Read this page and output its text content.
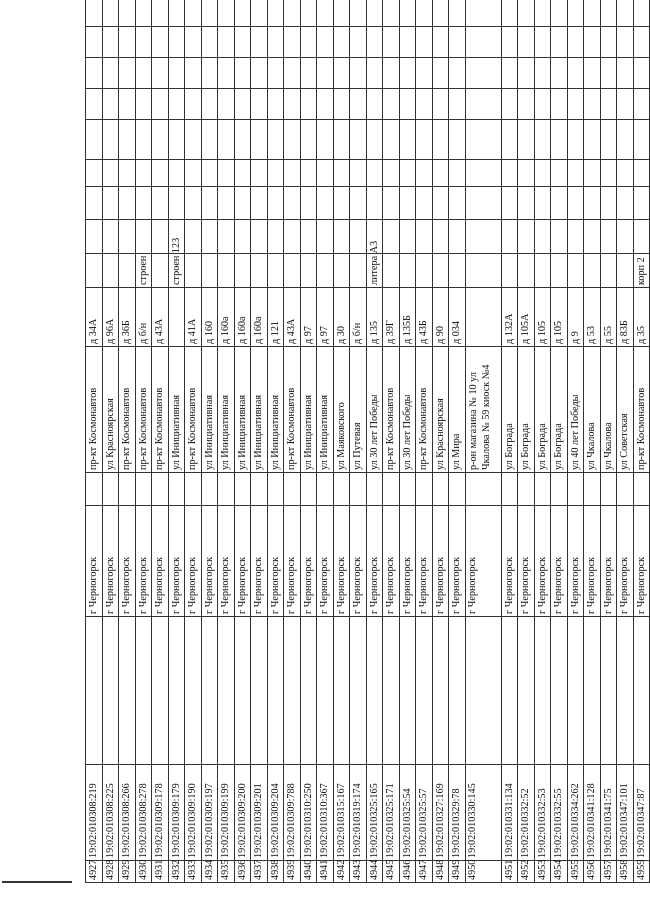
4927	19:02:010308:219		г Черногорск		пр-кт Космонавтов	д 34А									
4928	19:02:010308:225		г Черногорск		ул Красноярская	д 96А									
4929	19:02:010308:266		г Черногорск		пр-кт Космонавтов	д 36Б									
4930	19:02:010308:278		г Черногорск		пр-кт Космонавтов	д б/н	строен								
4931	19:02:010309:178		г Черногорск		пр-кт Космонавтов	д 43А									
4932	19:02:010309:179		г Черногорск		ул Инициативная		строен 123								
4933	19:02:010309:190		г Черногорск		пр-кт Космонавтов	д 41А									
4934	19:02:010309:197		г Черногорск		ул Инициативная	д 160									
4935	19:02:010309:199		г Черногорск		ул Инициативная	д 160а									
4936	19:02:010309:200		г Черногорск		ул Инициативная	д 160а									
4937	19:02:010309:201		г Черногорск		ул Инициативная	д 160а									
4938	19:02:010309:204		г Черногорск		ул Инициативная	д 121									
4939	19:02:010309:788		г Черногорск		пр-кт Космонавтов	д 43А									
4940	19:02:010310:250		г Черногорск		ул Инициативная	д 97									
4941	19:02:010310:367		г Черногорск		ул Инициативная	д 97									
4942	19:02:010315:167		г Черногорск		ул Маяковского	д 30									
4943	19:02:010319:174		г Черногорск		ул Путевая	д б/н									
4944	19:02:010325:165		г Черногорск		ул 30 лет Победы	д 135	литера А3								
4945	19:02:010325:171		г Черногорск		пр-кт Космонавтов	д 39Г									
4946	19:02:010325:54		г Черногорск		ул 30 лет Победы	д 135Б									
4947	19:02:010325:57		г Черногорск		пр-кт Космонавтов	д 43Б									
4948	19:02:010327:169		г Черногорск		ул Красноярская	д 90									
4949	19:02:010329:78		г Черногорск		ул Мира	д 034									
4950	19:02:010330:145		г Черногорск		р-он магазина № 10 ул Чкалова № 59 киоск №4										
4951	19:02:010331:134		г Черногорск		ул Бограда	д 132А									
4952	19:02:010332:52		г Черногорск		ул Бограда	д 105А									
4953	19:02:010332:53		г Черногорск		ул Бограда	д 105									
4954	19:02:010332:55		г Черногорск		ул Бограда	д 105									
4955	19:02:010334:262		г Черногорск		ул 40 лет Победы	д 9									
4956	19:02:010341:128		г Черногорск		ул Чкалова	д 53									
4957	19:02:010341:75		г Черногорск		ул Чкалова	д 55									
4958	19:02:010347:101		г Черногорск		ул Советская	д 83Б									
4959	19:02:010347:87		г Черногорск		пр-кт Космонавтов	д 35	корп 2								
